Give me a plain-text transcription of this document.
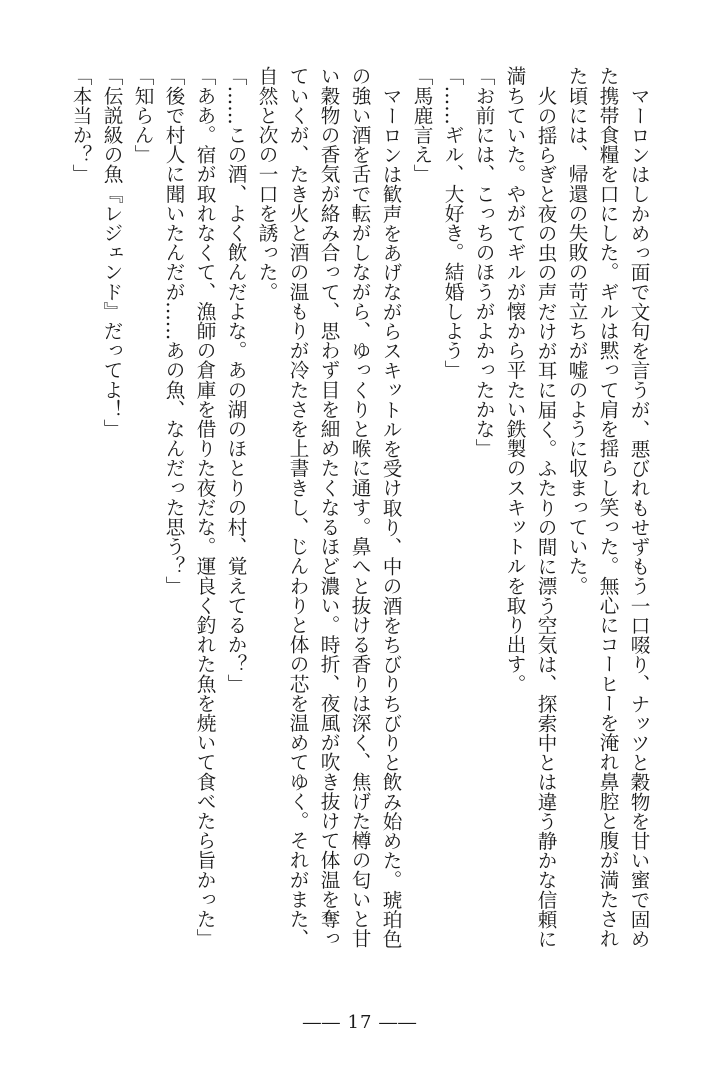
マーロンはしかめっ面で文句を言うが、悪びれもせずもう一口啜り、ナッツと穀物を甘い蜜で固め
た携帯食糧を口にした。ギルは黙って肩を揺らし笑った。無心にコーヒーを淹れ鼻腔と腹が満たされ
た頃には、帰還の失敗の苛立ちが嘘のように収まっていた。
火の揺らぎと夜の虫の声だけが耳に届く。ふたりの間に漂う空気は、探索中とは違う静かな信頼に
満ちていた。やがてギルが懐から平たい鉄製のスキットルを取り出す。
「お前には、こっちのほうがよかったかな」
「……ギル、大好き。結婚しよう」
「馬鹿言え」
マーロンは歓声をあげながらスキットルを受け取り、中の酒をちびりちびりと飲み始めた。琥珀色
の強い酒を舌で転がしながら、ゆっくりと喉に通す。鼻へと抜ける香りは深く、焦げた樽の匂いと甘
い穀物の香気が絡み合って、思わず目を細めたくなるほど濃い。時折、夜風が吹き抜けて体温を奪っ
ていくが、たき火と酒の温もりが冷たさを上書きし、じんわりと体の芯を温めてゆく。それがまた、
自然と次の一口を誘った。
「……この酒、よく飲んだよな。あの湖のほとりの村、覚えてるか？」
「ああ。宿が取れなくて、漁師の倉庫を借りた夜だな。運良く釣れた魚を焼いて食べたら旨かった」
「後で村人に聞いたんだが……あの魚、なんだった思う？」
「知らん」
「伝説級の魚『レジェンド』だってよ！」
「本当か？」
―― 17 ――
